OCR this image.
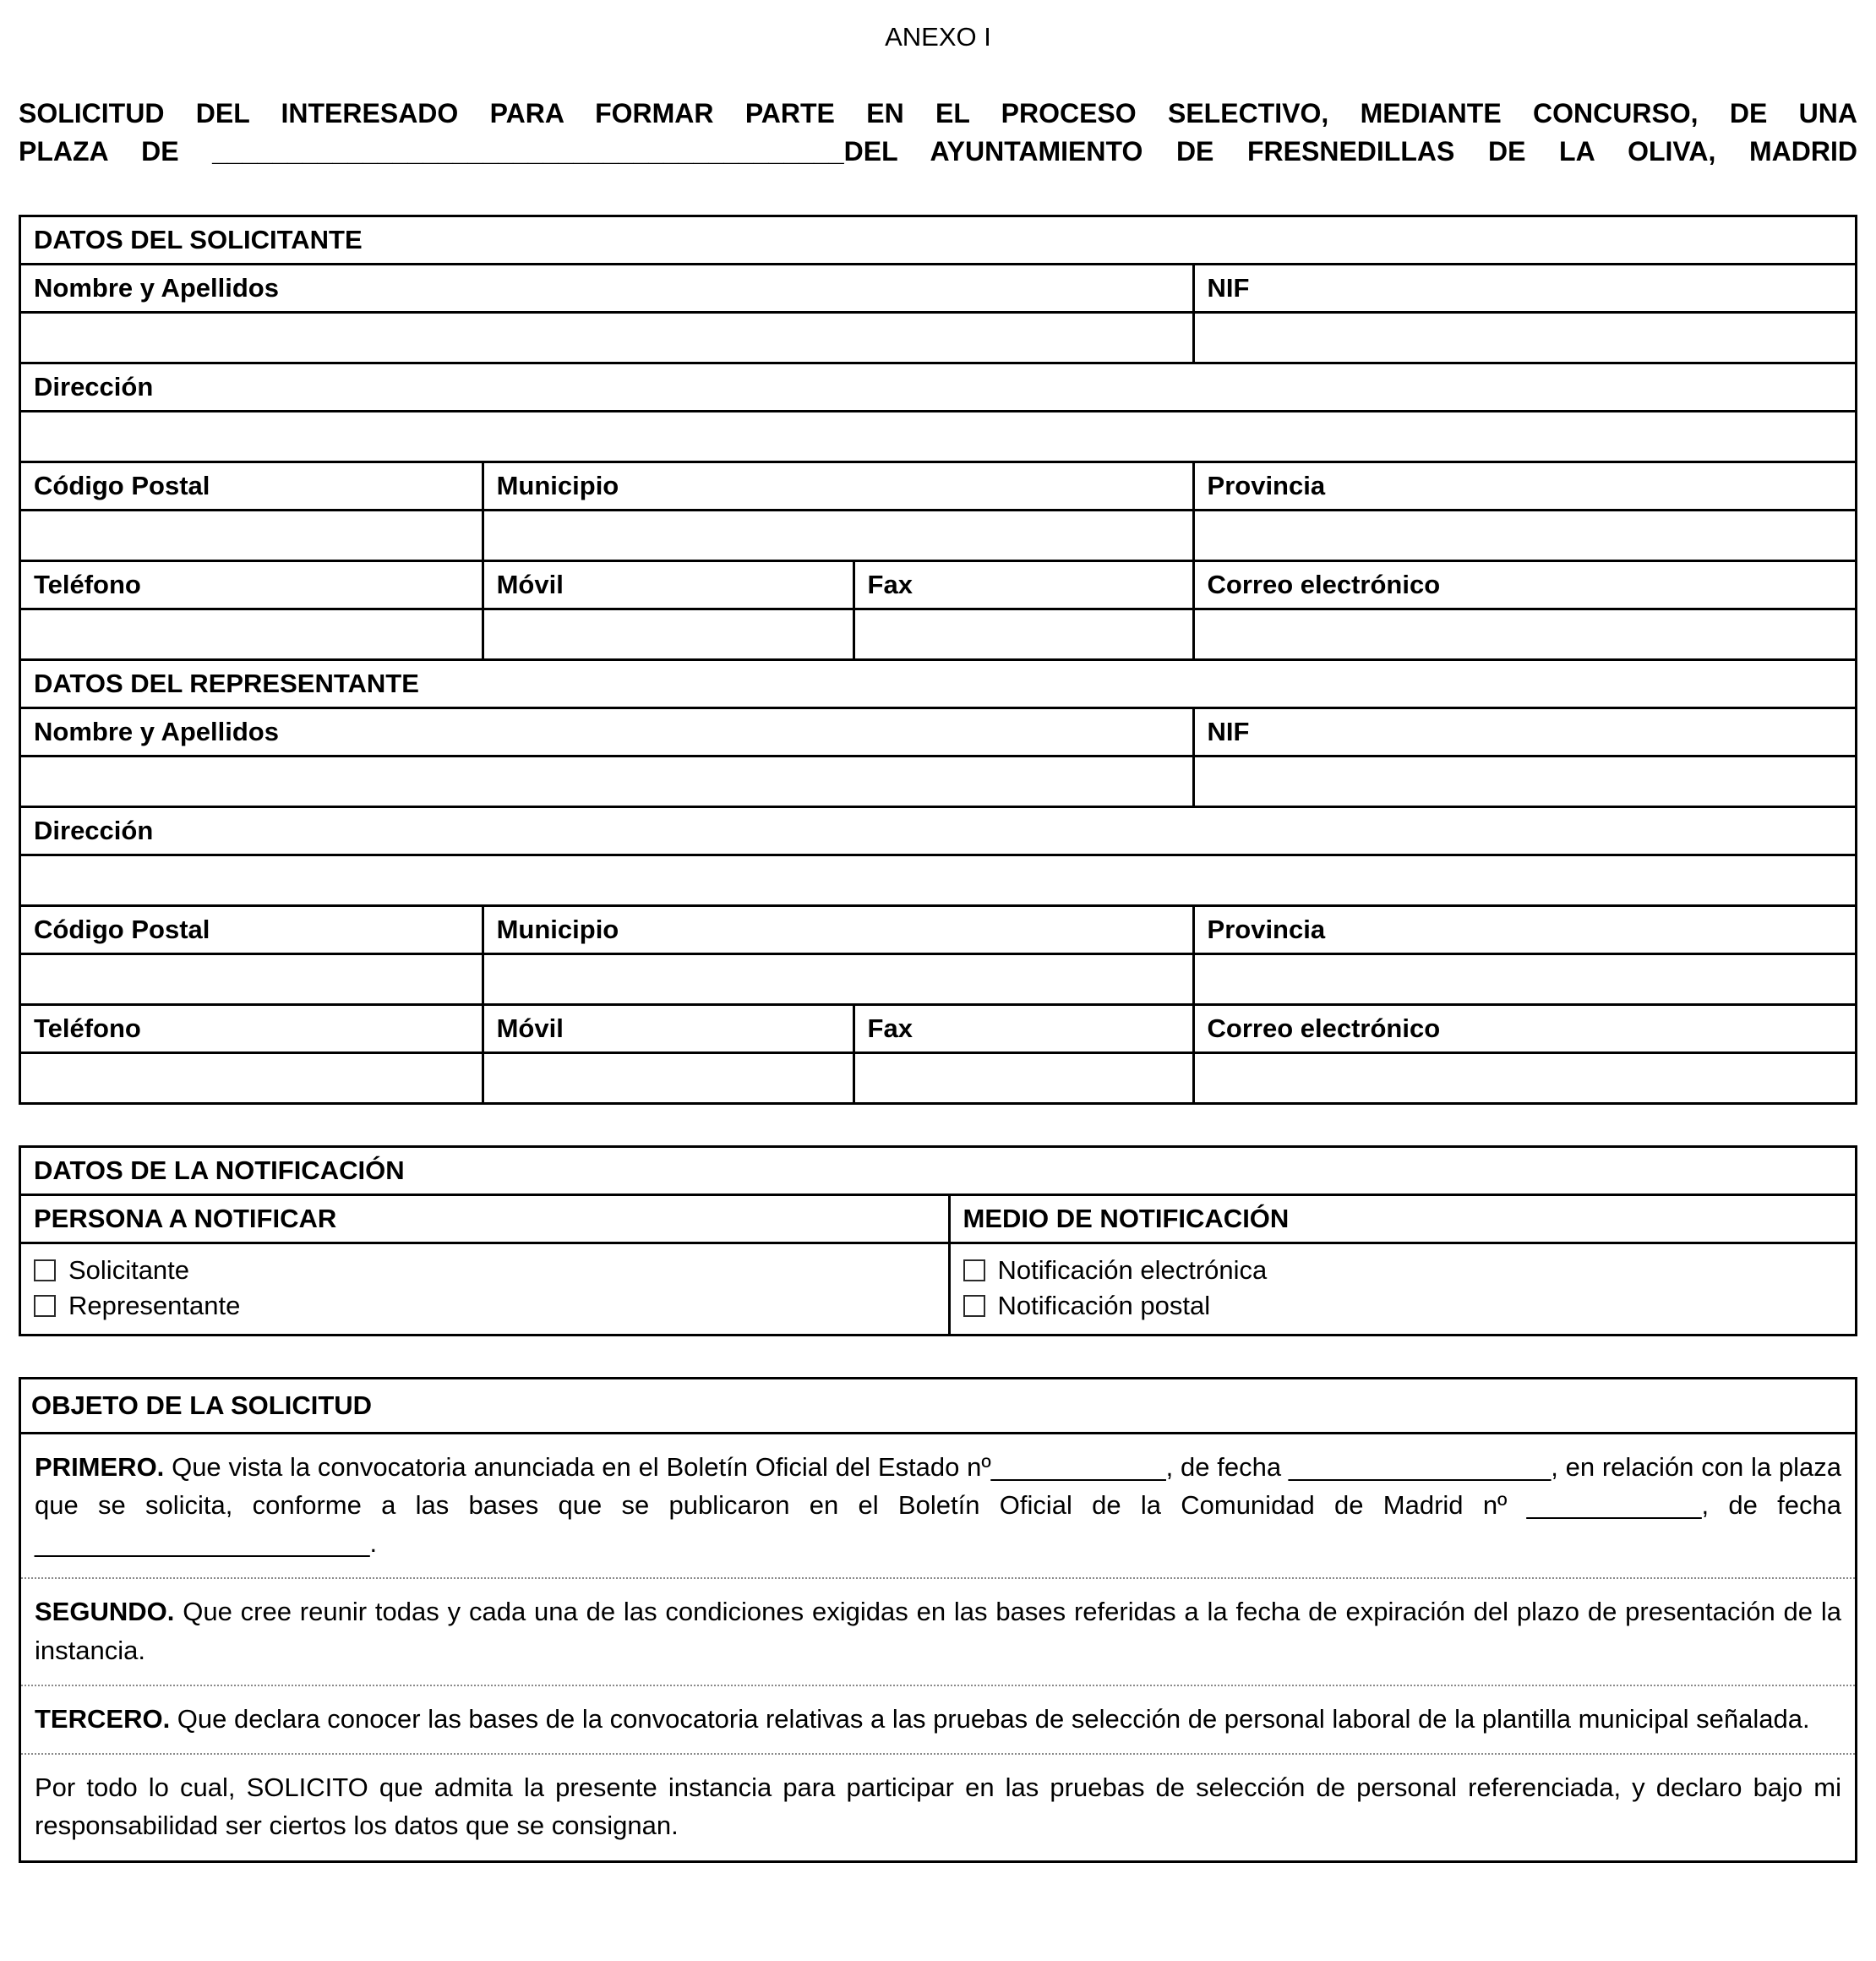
ANEXO I
SOLICITUD DEL INTERESADO PARA FORMAR PARTE EN EL PROCESO SELECTIVO, MEDIANTE CONCURSO, DE UNA
PLAZA DE __________________________________________DEL AYUNTAMIENTO DE FRESNEDILLAS DE LA OLIVA, MADRID
DATOS DEL SOLICITANTE			
Nombre y Apellidos			NIF

Dirección			

Código Postal	Municipio		Provincia

Teléfono	Móvil	Fax	Correo electrónico

DATOS DEL REPRESENTANTE			
Nombre y Apellidos			NIF

Dirección			

Código Postal	Municipio		Provincia

Teléfono	Móvil	Fax	Correo electrónico

DATOS DE LA NOTIFICACIÓN	
PERSONA A NOTIFICAR	MEDIO DE NOTIFICACIÓN

Solicitante
Representante

Notificación electrónica
Notificación postal
OBJETO DE LA SOLICITUD

PRIMERO. Que vista la convocatoria anunciada en el Boletín Oficial del Estado nº____________, de fecha __________________, en relación con la plaza que se solicita, conforme a las bases que se publicaron en el Boletín Oficial de la Comunidad de Madrid nº ____________, de fecha _______________________.

SEGUNDO. Que cree reunir todas y cada una de las condiciones exigidas en las bases referidas a la fecha de expiración del plazo de presentación de la instancia.

TERCERO. Que declara conocer las bases de la convocatoria relativas a las pruebas de selección de personal laboral de la plantilla municipal señalada.

Por todo lo cual, SOLICITO que admita la presente instancia para participar en las pruebas de selección de personal referenciada, y declaro bajo mi responsabilidad ser ciertos los datos que se consignan.
